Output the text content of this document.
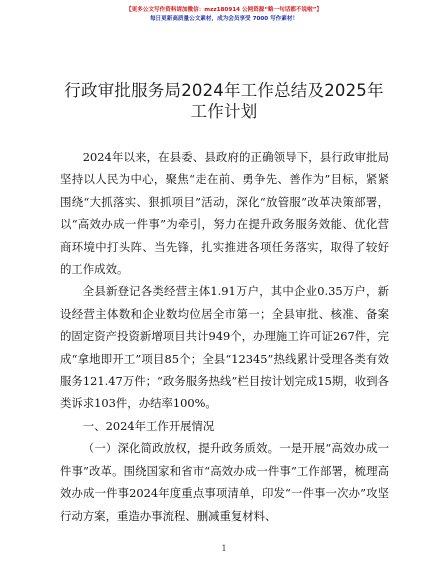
【更多公文写作资料请加微信：mzz180914 公网资源“略一句话都不说啦”】
每日更新高质量公文素材，成为会员享受 7000 写作素材！
行政审批服务局2024年工作总结及2025年工作计划

2024年以来，在县委、县政府的正确领导下，县行政审批局坚持以人民为中心，聚焦“走在前、勇争先、善作为”目标，紧紧围绕“大抓落实、狠抓项目”活动，深化“放管服”改革决策部署，以“高效办成一件事”为牵引，努力在提升政务服务效能、优化营商环境中打头阵、当先锋，扎实推进各项任务落实，取得了较好的工作成效。

全县新登记各类经营主体1.91万户，其中企业0.35万户，新设经营主体数和企业数均位居全市第一；全县审批、核准、备案的固定资产投资新增项目共计949个，办理施工许可证267件，完成“拿地即开工”项目85个；全县“12345”热线累计受理各类有效服务121.47万件；“政务服务热线”栏目按计划完成15期，收到各类诉求103件，办结率100%。

一、2024年工作开展情况

（一）深化简政放权，提升政务质效。一是开展“高效办成一件事”改革。围绕国家和省市“高效办成一件事”工作部署，梳理高效办成一件事2024年度重点事项清单，印发“一件事一次办”攻坚行动方案，重造办事流程、删减重复材料、

1
